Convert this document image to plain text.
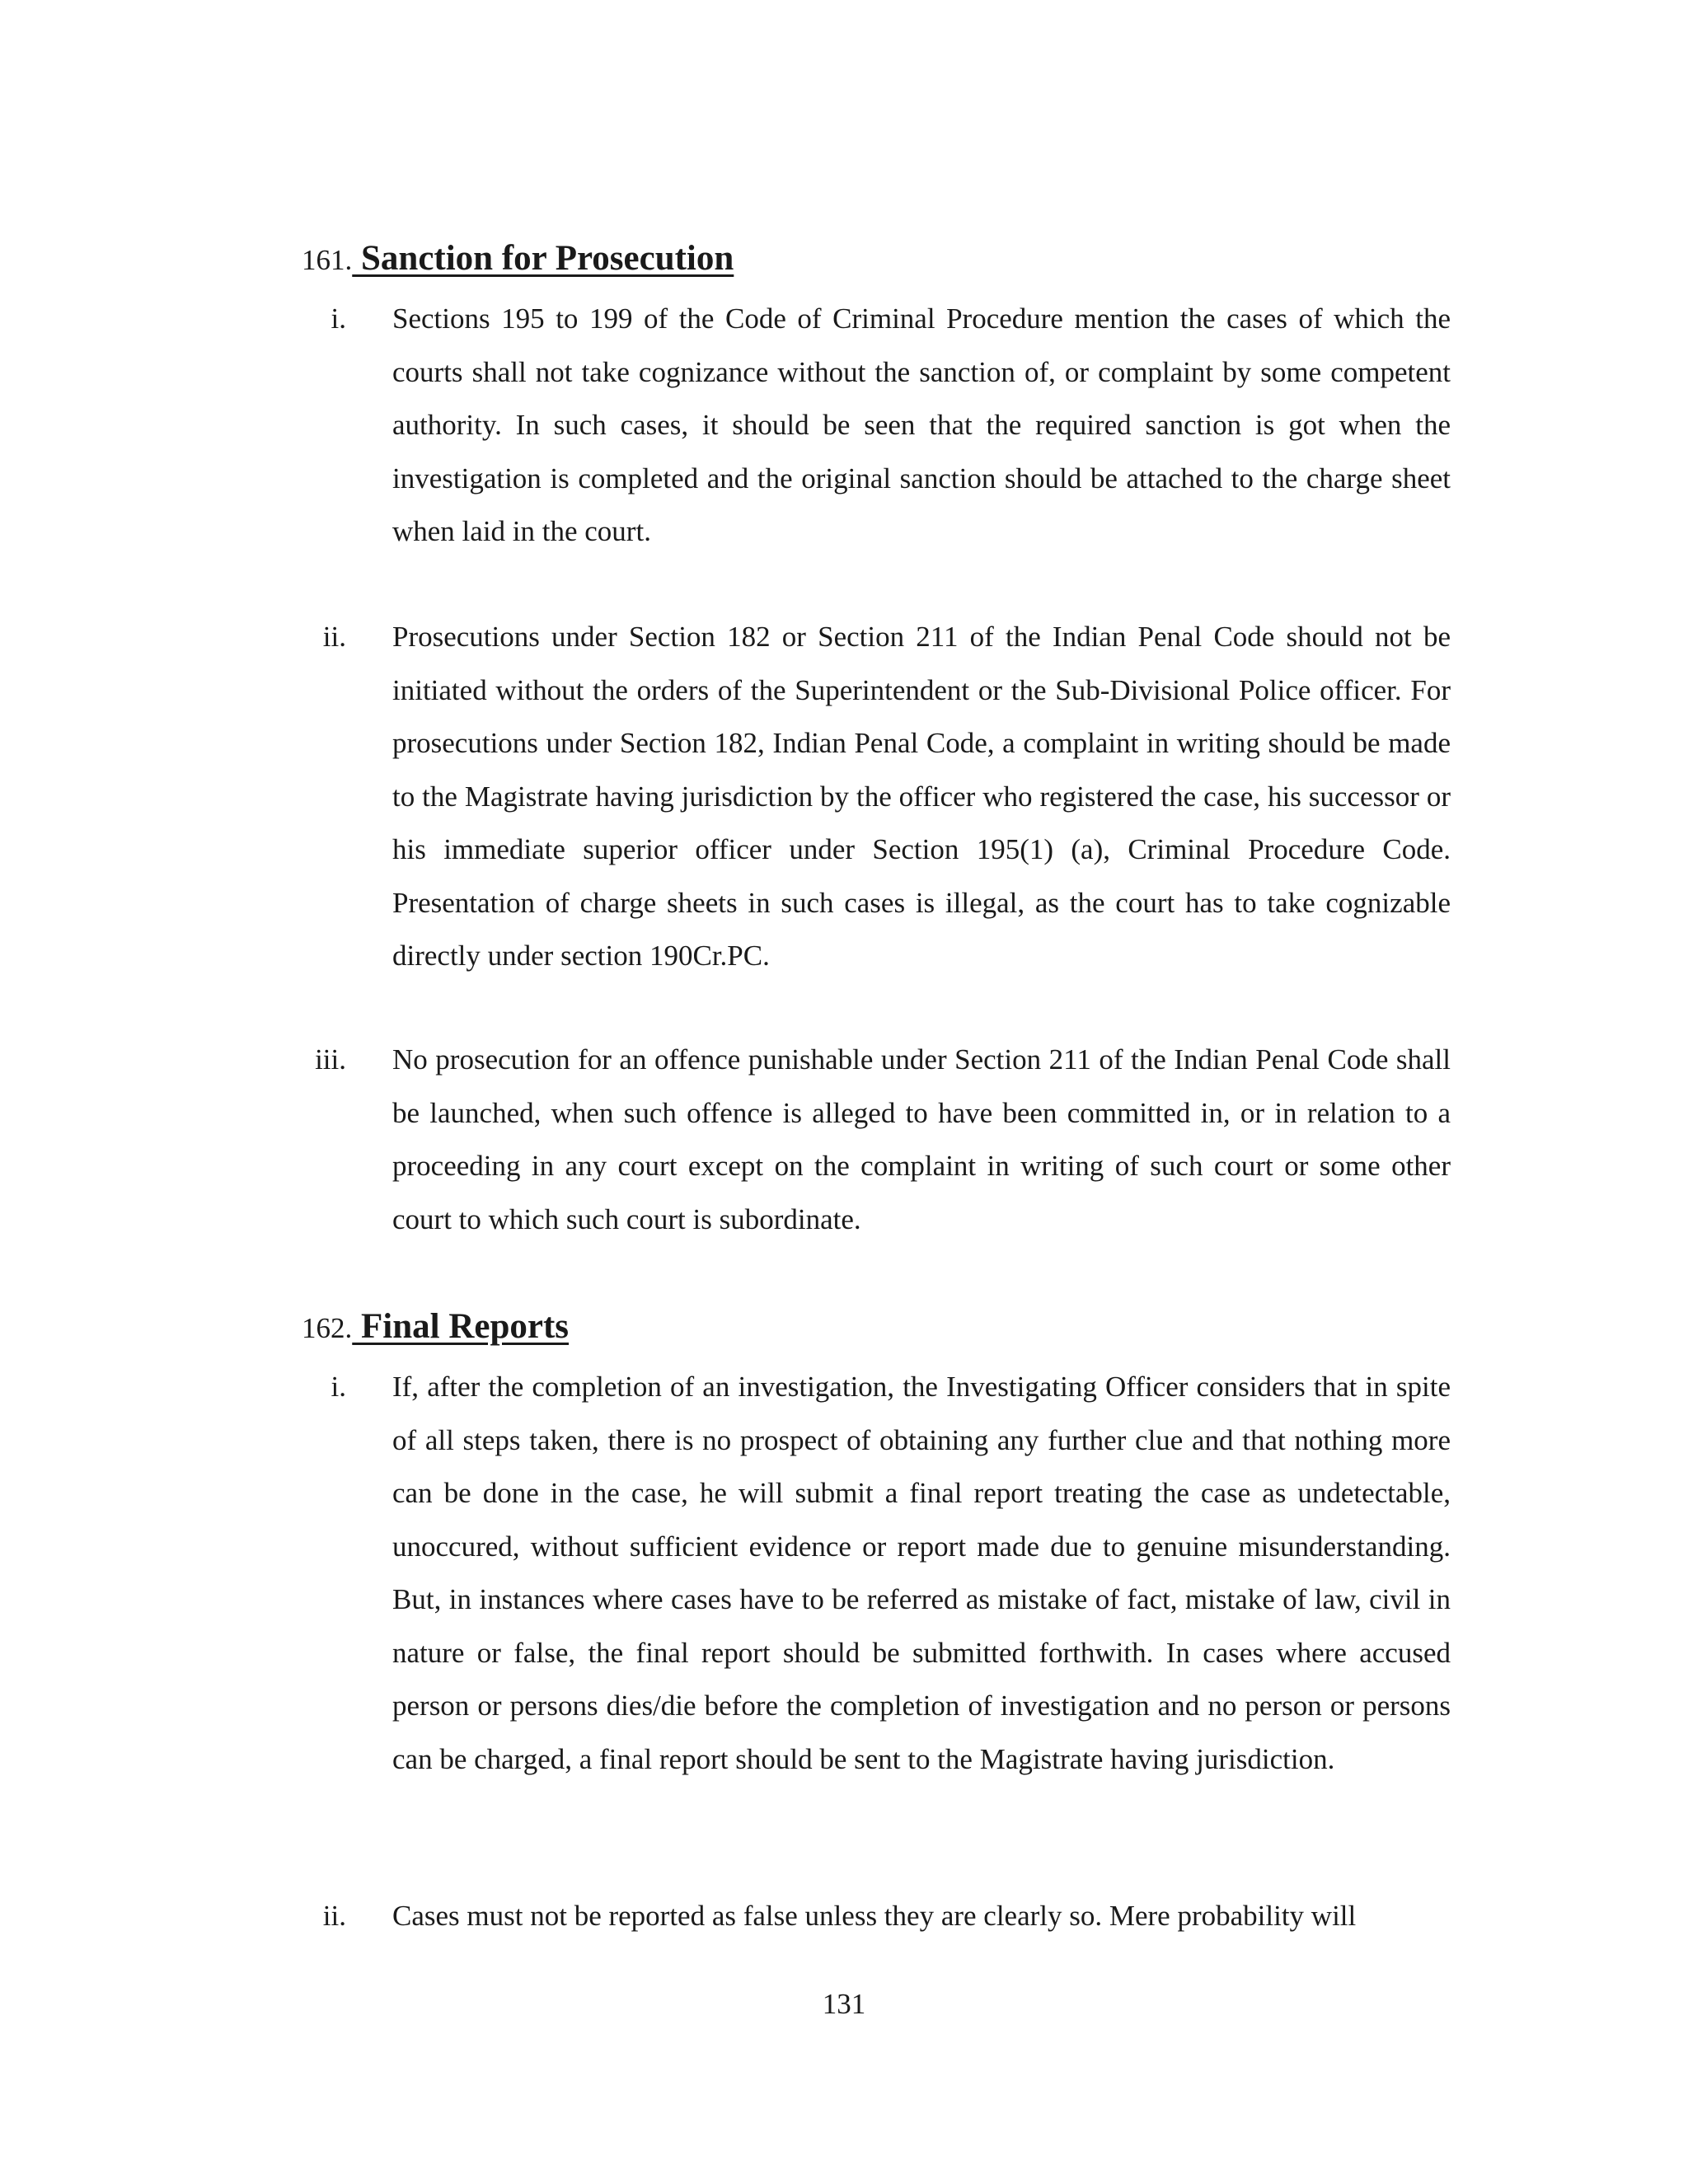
161. Sanction for Prosecution
i. Sections 195 to 199 of the Code of Criminal Procedure mention the cases of which the courts shall not take cognizance without the sanction of, or complaint by some competent authority. In such cases, it should be seen that the required sanction is got when the investigation is completed and the original sanction should be attached to the charge sheet when laid in the court.

ii. Prosecutions under Section 182 or Section 211 of the Indian Penal Code should not be initiated without the orders of the Superintendent or the Sub-Divisional Police officer. For prosecutions under Section 182, Indian Penal Code, a complaint in writing should be made to the Magistrate having jurisdiction by the officer who registered the case, his successor or his immediate superior officer under Section 195(1) (a), Criminal Procedure Code. Presentation of charge sheets in such cases is illegal, as the court has to take cognizable directly under section 190Cr.PC.

iii. No prosecution for an offence punishable under Section 211 of the Indian Penal Code shall be launched, when such offence is alleged to have been committed in, or in relation to a proceeding in any court except on the complaint in writing of such court or some other court to which such court is subordinate.

162. Final Reports
i. If, after the completion of an investigation, the Investigating Officer considers that in spite of all steps taken, there is no prospect of obtaining any further clue and that nothing more can be done in the case, he will submit a final report treating the case as undetectable, unoccured, without sufficient evidence or report made due to genuine misunderstanding. But, in instances where cases have to be referred as mistake of fact, mistake of law, civil in nature or false, the final report should be submitted forthwith. In cases where accused person or persons dies/die before the completion of investigation and no person or persons can be charged, a final report should be sent to the Magistrate having jurisdiction.

ii. Cases must not be reported as false unless they are clearly so. Mere probability will

131
